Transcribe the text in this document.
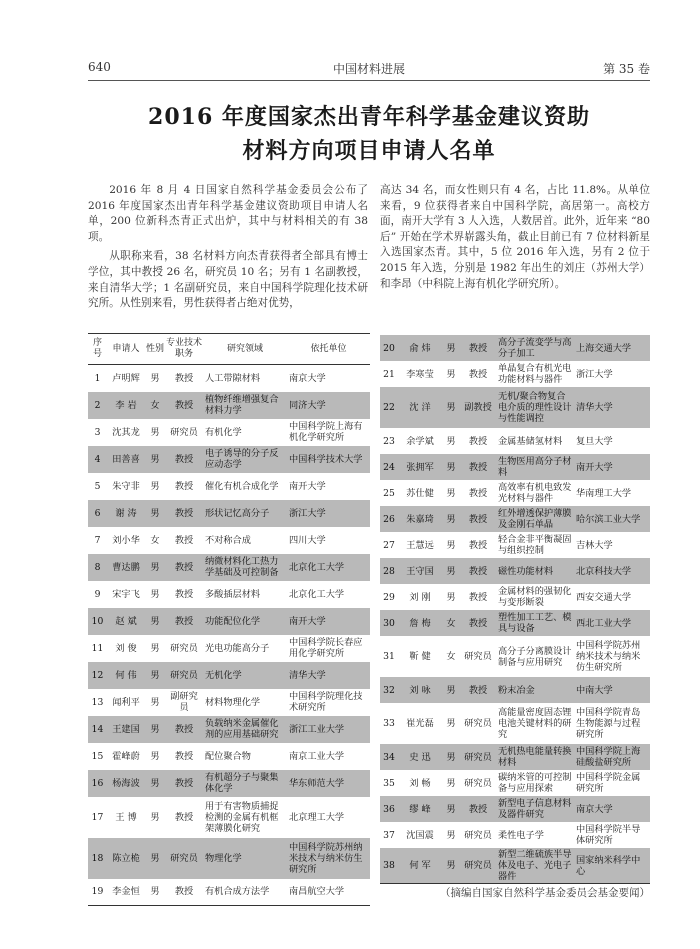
640	中国材料进展	第 35 卷
2016 年度国家杰出青年科学基金建议资助
材料方向项目申请人名单

2016 年 8 月 4 日国家自然科学基金委员会公布了 2016 年度国家杰出青年科学基金建议资助项目申请人名单，200 位新科杰青正式出炉，其中与材料相关的有 38 项。

从职称来看，38 名材料方向杰青获得者全部具有博士学位，其中教授 26 名，研究员 10 名；另有 1 名副教授，来自清华大学；1 名副研究员，来自中国科学院理化技术研究所。从性别来看，男性获得者占绝对优势，

高达 34 名，而女性则只有 4 名，占比 11.8%。从单位来看，9 位获得者来自中国科学院，高居第一。高校方面，南开大学有 3 人入选，人数居首。此外，近年来 “80 后” 开始在学术界崭露头角，截止目前已有 7 位材料新星入选国家杰青。其中，5 位 2016 年入选，另有 2 位于 2015 年入选，分别是 1982 年出生的刘庄（苏州大学）和李昂（中科院上海有机化学研究所）。

序号	申请人	性别	专业技术职务	研究领域	依托单位
1	卢明辉	男	教授	人工带隙材料	南京大学
2	李 岩	女	教授	植物纤维增强复合材料力学	同济大学
3	沈其龙	男	研究员	有机化学	中国科学院上海有机化学研究所
4	田善喜	男	教授	电子诱导的分子反应动态学	中国科学技术大学
5	朱守非	男	教授	催化有机合成化学	南开大学
6	谢 涛	男	教授	形状记忆高分子	浙江大学
7	刘小华	女	教授	不对称合成	四川大学
8	曹达鹏	男	教授	纳微材料化工热力学基础及可控制备	北京化工大学
9	宋宇飞	男	教授	多酸插层材料	北京化工大学
10	赵 斌	男	教授	功能配位化学	南开大学
11	刘 俊	男	研究员	光电功能高分子	中国科学院长春应用化学研究所
12	何 伟	男	研究员	无机化学	清华大学
13	闻利平	男	副研究员	材料物理化学	中国科学院理化技术研究所
14	王建国	男	教授	负载纳米金属催化剂的应用基础研究	浙江工业大学
15	霍峰蔚	男	教授	配位聚合物	南京工业大学
16	杨海波	男	教授	有机超分子与聚集体化学	华东师范大学
17	王 博	男	教授	用于有害物质捕捉检测的金属有机框架薄膜化研究	北京理工大学
18	陈立桅	男	研究员	物理化学	中国科学院苏州纳米技术与纳米仿生研究所
19	李金恒	男	教授	有机合成方法学	南昌航空大学
20	俞 炜	男	教授	高分子流变学与高分子加工	上海交通大学
21	李寒莹	男	教授	单晶复合有机光电功能材料与器件	浙江大学
22	沈 洋	男	副教授	无机/聚合物复合电介质的理性设计与性能调控	清华大学
23	余学斌	男	教授	金属基储氢材料	复旦大学
24	张拥军	男	教授	生物医用高分子材料	南开大学
25	苏仕健	男	教授	高效率有机电致发光材料与器件	华南理工大学
26	朱嘉琦	男	教授	红外增透保护薄膜及金刚石单晶	哈尔滨工业大学
27	王慧远	男	教授	轻合金非平衡凝固与组织控制	吉林大学
28	王守国	男	教授	磁性功能材料	北京科技大学
29	刘 刚	男	教授	金属材料的强韧化与变形断裂	西安交通大学
30	詹 梅	女	教授	塑性加工工艺、模具与设备	西北工业大学
31	靳 健	女	研究员	高分子分离膜设计制备与应用研究	中国科学院苏州纳米技术与纳米仿生研究所
32	刘 咏	男	教授	粉末冶金	中南大学
33	崔光磊	男	研究员	高能量密度固态锂电池关键材料的研究	中国科学院青岛生物能源与过程研究所
34	史 迅	男	研究员	无机热电能量转换材料	中国科学院上海硅酸盐研究所
35	刘 畅	男	研究员	碳纳米管的可控制备与应用探索	中国科学院金属研究所
36	缪 峰	男	教授	新型电子信息材料及器件研究	南京大学
37	沈国震	男	研究员	柔性电子学	中国科学院半导体研究所
38	何 军	男	研究员	新型二维硫族半导体及电子、光电子器件	国家纳米科学中心
（摘编自国家自然科学基金委员会基金要闻）
